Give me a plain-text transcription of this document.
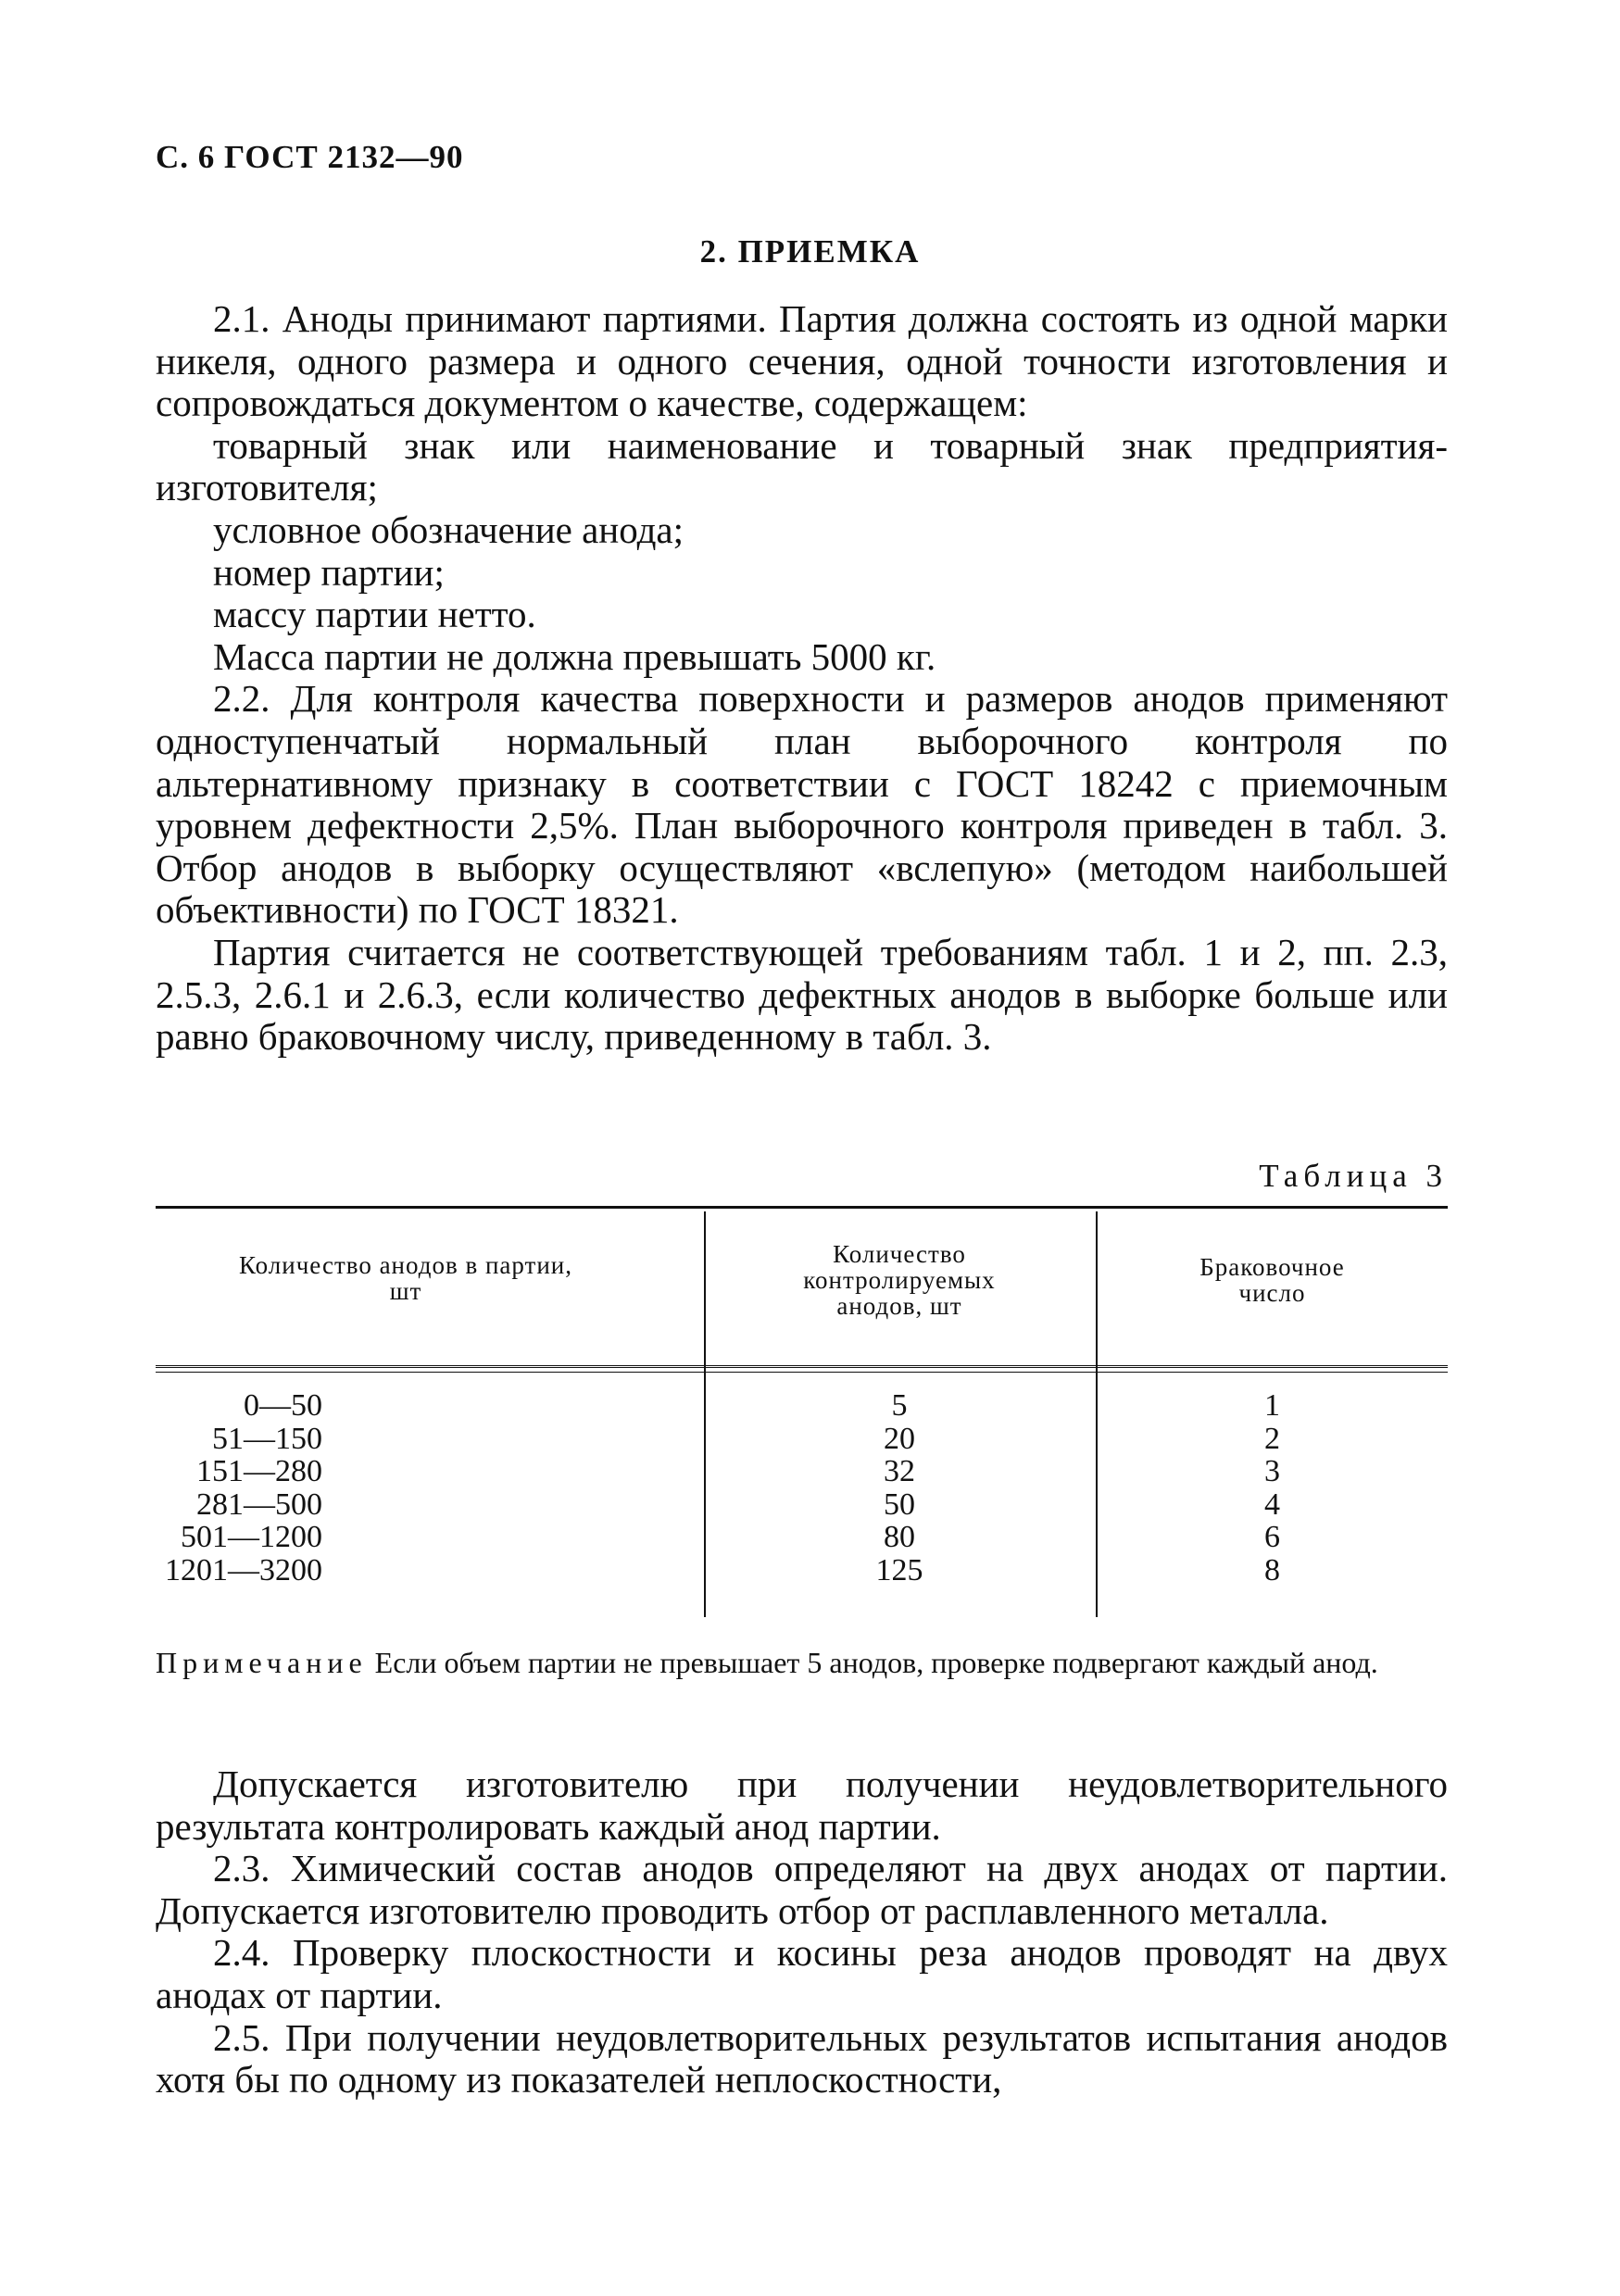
С. 6 ГОСТ 2132—90
2. ПРИЕМКА

2.1. Аноды принимают партиями. Партия должна состоять из одной марки никеля, одного размера и одного сечения, одной точности изготовления и сопровождаться документом о качестве, содержащем:

товарный знак или наименование и товарный знак предприятия-изготовителя;

условное обозначение анода;

номер партии;

массу партии нетто.

Масса партии не должна превышать 5000 кг.

2.2. Для контроля качества поверхности и размеров анодов применяют одноступенчатый нормальный план выборочного контроля по альтернативному признаку в соответствии с ГОСТ 18242 с приемочным уровнем дефектности 2,5%. План выборочного контроля приведен в табл. 3. Отбор анодов в выборку осуществляют «вслепую» (методом наибольшей объективности) по ГОСТ 18321.

Партия считается не соответствующей требованиям табл. 1 и 2, пп. 2.3, 2.5.3, 2.6.1 и 2.6.3, если количество дефектных анодов в выборке больше или равно браковочному числу, приведенному в табл. 3.

Таблица 3
Количество анодов в партии, шт
Количество контролируемых анодов, шт
Браковочное число
0—50
51—150
151—280
281—500
501—1200
1201—3200
5
20
32
50
80
125
1
2
3
4
6
8
Примечание Если объем партии не превышает 5 анодов, проверке подвергают каждый анод.

Допускается изготовителю при получении неудовлетворительного результата контролировать каждый анод партии.

2.3. Химический состав анодов определяют на двух анодах от партии. Допускается изготовителю проводить отбор от расплавленного металла.

2.4. Проверку плоскостности и косины реза анодов проводят на двух анодах от партии.

2.5. При получении неудовлетворительных результатов испытания анодов хотя бы по одному из показателей неплоскостности,
